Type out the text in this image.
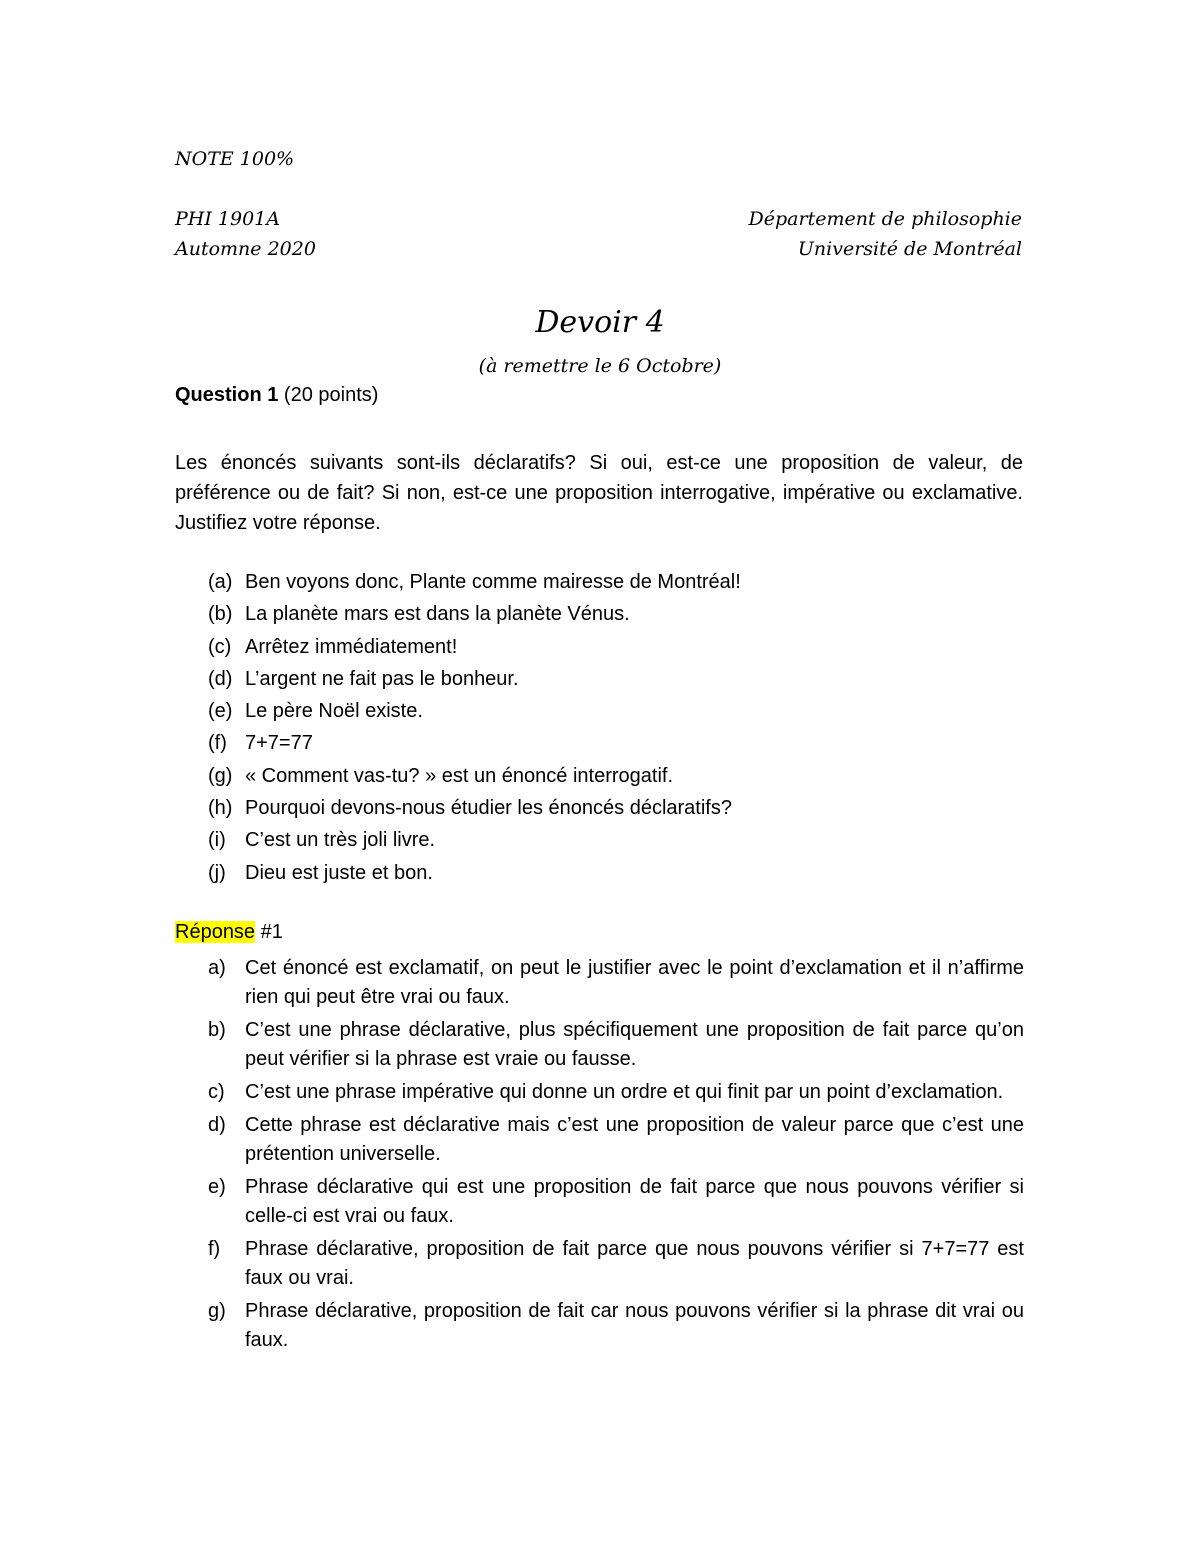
NOTE 100%
PHI 1901A
Automne 2020
Département de philosophie
Université de Montréal
Devoir 4
(à remettre le 6 Octobre)
Question 1 (20 points)
Les énoncés suivants sont-ils déclaratifs? Si oui, est-ce une proposition de valeur, de préférence ou de fait? Si non, est-ce une proposition interrogative, impérative ou exclamative. Justifiez votre réponse.
(a) Ben voyons donc, Plante comme mairesse de Montréal!
(b) La planète mars est dans la planète Vénus.
(c) Arrêtez immédiatement!
(d) L’argent ne fait pas le bonheur.
(e) Le père Noël existe.
(f) 7+7=77
(g) « Comment vas-tu? » est un énoncé interrogatif.
(h) Pourquoi devons-nous étudier les énoncés déclaratifs?
(i) C’est un très joli livre.
(j) Dieu est juste et bon.
Réponse #1
a) Cet énoncé est exclamatif, on peut le justifier avec le point d’exclamation et il n’affirme rien qui peut être vrai ou faux.
b) C’est une phrase déclarative, plus spécifiquement une proposition de fait parce qu’on peut vérifier si la phrase est vraie ou fausse.
c) C’est une phrase impérative qui donne un ordre et qui finit par un point d’exclamation.
d) Cette phrase est déclarative mais c’est une proposition de valeur parce que c’est une prétention universelle.
e) Phrase déclarative qui est une proposition de fait parce que nous pouvons vérifier si celle-ci est vrai ou faux.
f) Phrase déclarative, proposition de fait parce que nous pouvons vérifier si 7+7=77 est faux ou vrai.
g) Phrase déclarative, proposition de fait car nous pouvons vérifier si la phrase dit vrai ou faux.
